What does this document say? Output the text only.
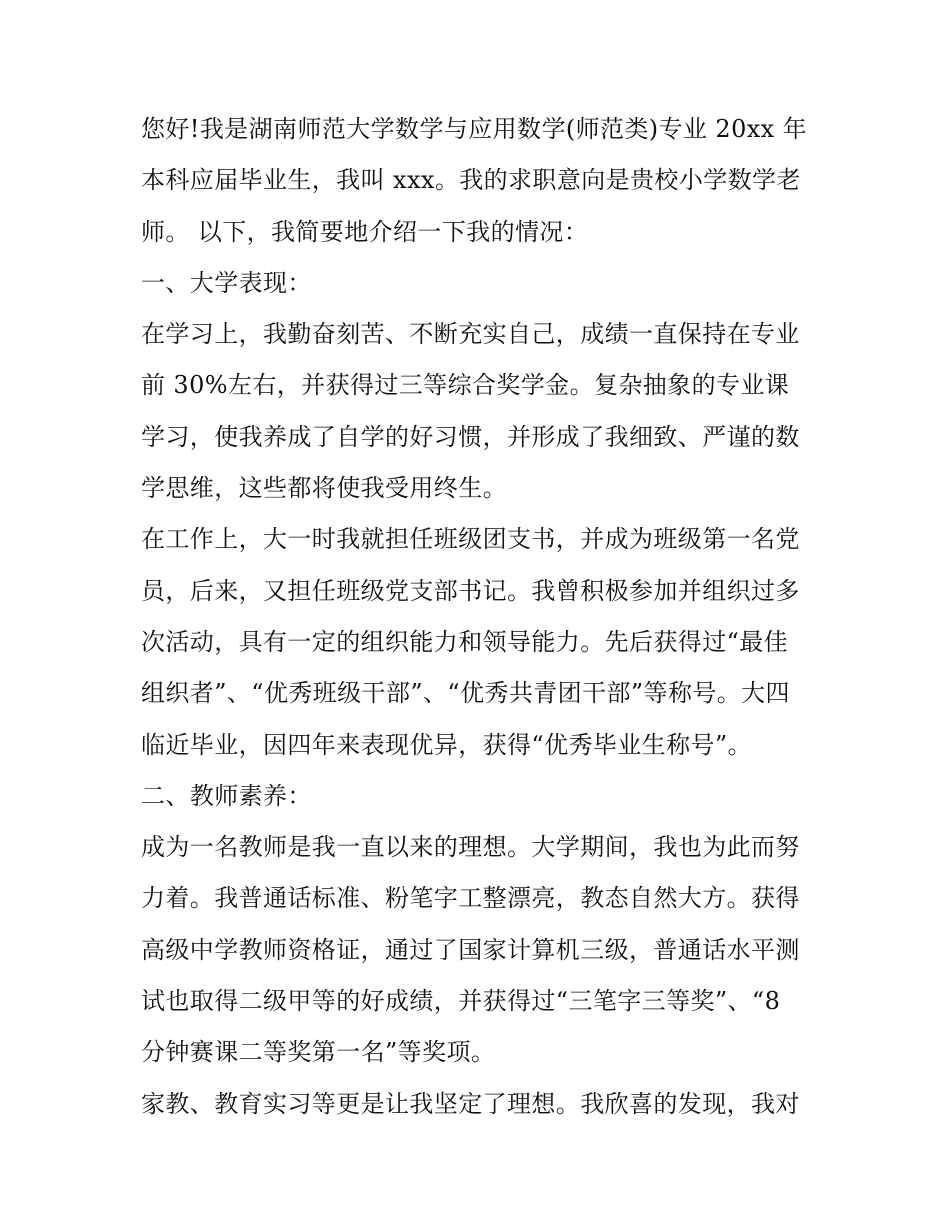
您好!我是湖南师范大学数学与应用数学(师范类)专业 20xx 年
本科应届毕业生，我叫 xxx。我的求职意向是贵校小学数学老
师。 以下，我简要地介绍一下我的情况：
一、大学表现：
在学习上，我勤奋刻苦、不断充实自己，成绩一直保持在专业
前 30%左右，并获得过三等综合奖学金。复杂抽象的专业课
学习，使我养成了自学的好习惯，并形成了我细致、严谨的数
学思维，这些都将使我受用终生。
在工作上，大一时我就担任班级团支书，并成为班级第一名党
员，后来，又担任班级党支部书记。我曾积极参加并组织过多
次活动，具有一定的组织能力和领导能力。先后获得过“最佳
组织者”、“优秀班级干部”、“优秀共青团干部”等称号。大四
临近毕业，因四年来表现优异，获得“优秀毕业生称号”。
二、教师素养：
成为一名教师是我一直以来的理想。大学期间，我也为此而努
力着。我普通话标准、粉笔字工整漂亮，教态自然大方。获得
高级中学教师资格证，通过了国家计算机三级，普通话水平测
试也取得二级甲等的好成绩，并获得过“三笔字三等奖”、“8
分钟赛课二等奖第一名”等奖项。
家教、教育实习等更是让我坚定了理想。我欣喜的发现，我对
